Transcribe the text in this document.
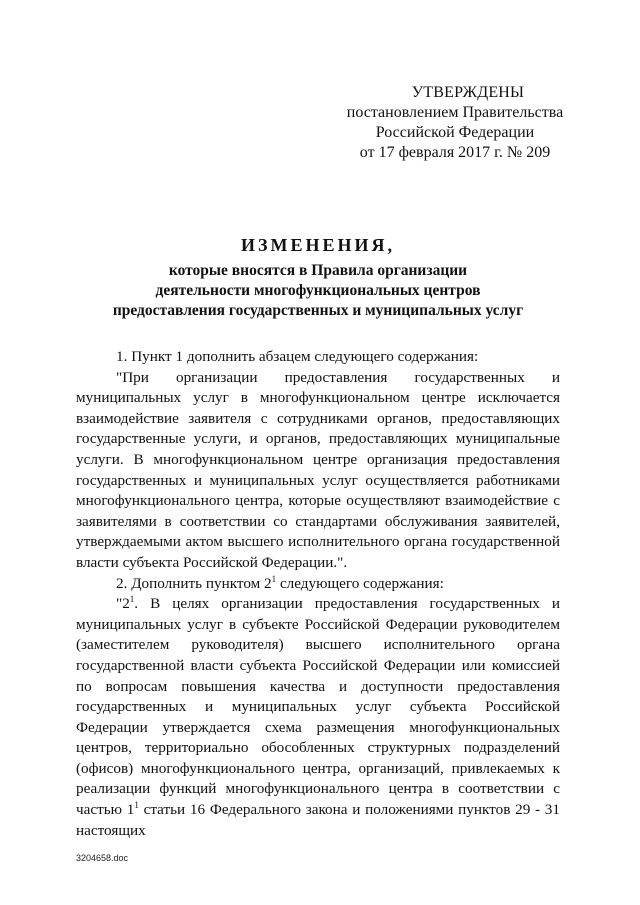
УТВЕРЖДЕНЫ
постановлением Правительства
Российской Федерации
от 17 февраля 2017 г. № 209
ИЗМЕНЕНИЯ,
которые вносятся в Правила организации
деятельности многофункциональных центров
предоставления государственных и муниципальных услуг
1. Пункт 1 дополнить абзацем следующего содержания:

"При организации предоставления государственных и муниципальных услуг в многофункциональном центре исключается взаимодействие заявителя с сотрудниками органов, предоставляющих государственные услуги, и органов, предоставляющих муниципальные услуги. В многофункциональном центре организация предоставления государственных и муниципальных услуг осуществляется работниками многофункционального центра, которые осуществляют взаимодействие с заявителями в соответствии со стандартами обслуживания заявителей, утверждаемыми актом высшего исполнительного органа государственной власти субъекта Российской Федерации.".

2. Дополнить пунктом $2^1$ следующего содержания:

"$2^1$. В целях организации предоставления государственных и муниципальных услуг в субъекте Российской Федерации руководителем (заместителем руководителя) высшего исполнительного органа государственной власти субъекта Российской Федерации или комиссией по вопросам повышения качества и доступности предоставления государственных и муниципальных услуг субъекта Российской Федерации утверждается схема размещения многофункциональных центров, территориально обособленных структурных подразделений (офисов) многофункционального центра, организаций, привлекаемых к реализации функций многофункционального центра в соответствии с частью $1^1$ статьи 16 Федерального закона и положениями пунктов 29 - 31 настоящих

3204658.doc
